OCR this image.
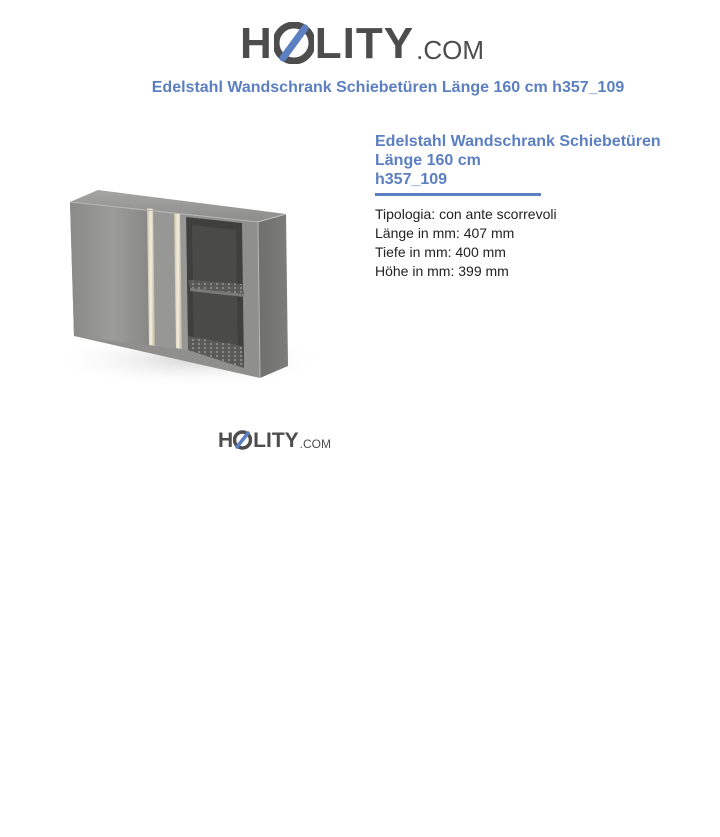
H LITY .COM
Edelstahl Wandschrank Schiebetüren Länge 160 cm h357_109
H LITY .COM
Edelstahl Wandschrank Schiebetüren
Länge 160 cm
h357_109
Tipologia: con ante scorrevoli
Länge in mm: 407 mm
Tiefe in mm: 400 mm
Höhe in mm: 399 mm
